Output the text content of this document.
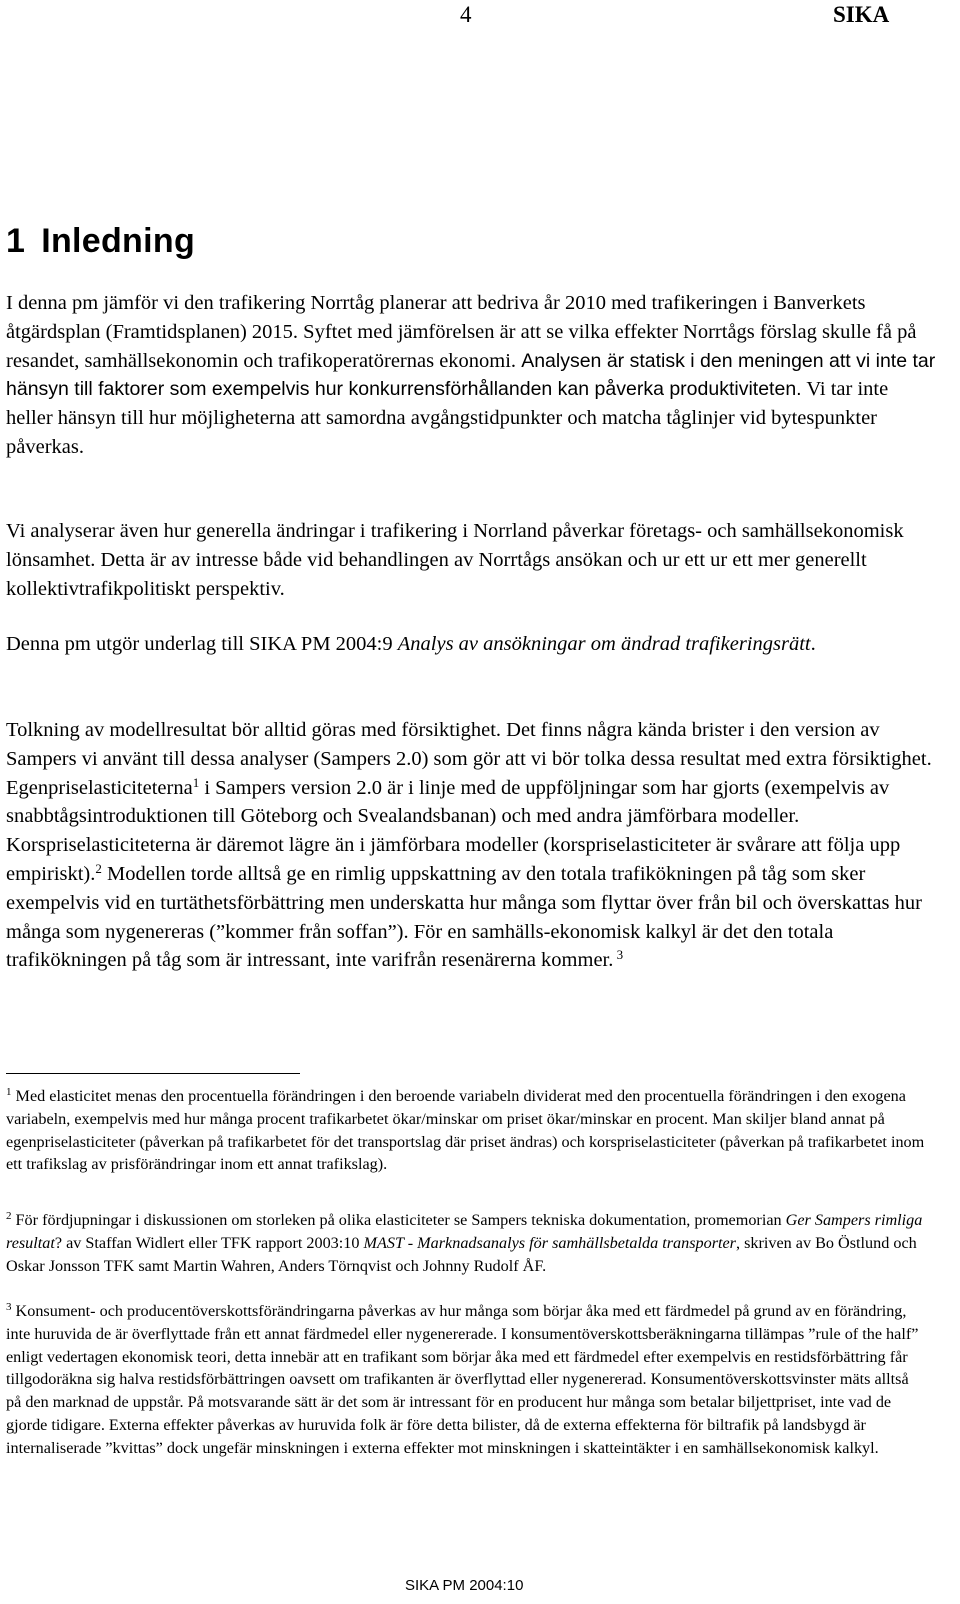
4	SIKA
1 Inledning

I denna pm jämför vi den trafikering Norrtåg planerar att bedriva år 2010 med trafikeringen i Banverkets åtgärdsplan (Framtidsplanen) 2015. Syftet med jämförelsen är att se vilka effekter Norrtågs förslag skulle få på resandet, samhällsekonomin och trafikoperatörernas ekonomi. Analysen är statisk i den meningen att vi inte tar hänsyn till faktorer som exempelvis hur konkurrensförhållanden kan påverka produktiviteten. Vi tar inte heller hänsyn till hur möjligheterna att samordna avgångstidpunkter och matcha tåglinjer vid bytespunkter påverkas.

Vi analyserar även hur generella ändringar i trafikering i Norrland påverkar företags- och samhällsekonomisk lönsamhet. Detta är av intresse både vid behandlingen av Norrtågs ansökan och ur ett ur ett mer generellt kollektivtrafikpolitiskt perspektiv.

Denna pm utgör underlag till SIKA PM 2004:9 Analys av ansökningar om ändrad trafikeringsrätt.

Tolkning av modellresultat bör alltid göras med försiktighet. Det finns några kända brister i den version av Sampers vi använt till dessa analyser (Sampers 2.0) som gör att vi bör tolka dessa resultat med extra försiktighet. Egenpriselasticiteterna$^1$ i Sampers version 2.0 är i linje med de uppföljningar som har gjorts (exempelvis av snabbtågsintroduktionen till Göteborg och Svealandsbanan) och med andra jämförbara modeller. Korspriselasticiteterna är däremot lägre än i jämförbara modeller (korspriselasticiteter är svårare att följa upp empiriskt).$^2$ Modellen torde alltså ge en rimlig uppskattning av den totala trafikökningen på tåg som sker exempelvis vid en turtäthetsförbättring men underskatta hur många som flyttar över från bil och överskattas hur många som nygenereras (”kommer från soffan”). För en samhälls-ekonomisk kalkyl är det den totala trafikökningen på tåg som är intressant, inte varifrån resenärerna kommer. $^3$

$^1$ Med elasticitet menas den procentuella förändringen i den beroende variabeln dividerat med den procentuella förändringen i den exogena variabeln, exempelvis med hur många procent trafikarbetet ökar/minskar om priset ökar/minskar en procent. Man skiljer bland annat på egenpriselasticiteter (påverkan på trafikarbetet för det transportslag där priset ändras) och korspriselasticiteter (påverkan på trafikarbetet inom ett trafikslag av prisförändringar inom ett annat trafikslag).

$^2$ För fördjupningar i diskussionen om storleken på olika elasticiteter se Sampers tekniska dokumentation, promemorian Ger Sampers rimliga resultat? av Staffan Widlert eller TFK rapport 2003:10 MAST - Marknadsanalys för samhällsbetalda transporter, skriven av Bo Östlund och Oskar Jonsson TFK samt Martin Wahren, Anders Törnqvist och Johnny Rudolf ÅF.

$^3$ Konsument- och producentöverskottsförändringarna påverkas av hur många som börjar åka med ett färdmedel på grund av en förändring, inte huruvida de är överflyttade från ett annat färdmedel eller nygenererade. I konsumentöverskottsberäkningarna tillämpas ”rule of the half” enligt vedertagen ekonomisk teori, detta innebär att en trafikant som börjar åka med ett färdmedel efter exempelvis en restidsförbättring får tillgodoräkna sig halva restidsförbättringen oavsett om trafikanten är överflyttad eller nygenererad. Konsumentöverskottsvinster mäts alltså på den marknad de uppstår. På motsvarande sätt är det som är intressant för en producent hur många som betalar biljettpriset, inte vad de gjorde tidigare. Externa effekter påverkas av huruvida folk är före detta bilister, då de externa effekterna för biltrafik på landsbygd är internaliserade ”kvittas” dock ungefär minskningen i externa effekter mot minskningen i skatteintäkter i en samhällsekonomisk kalkyl.

SIKA PM 2004:10
